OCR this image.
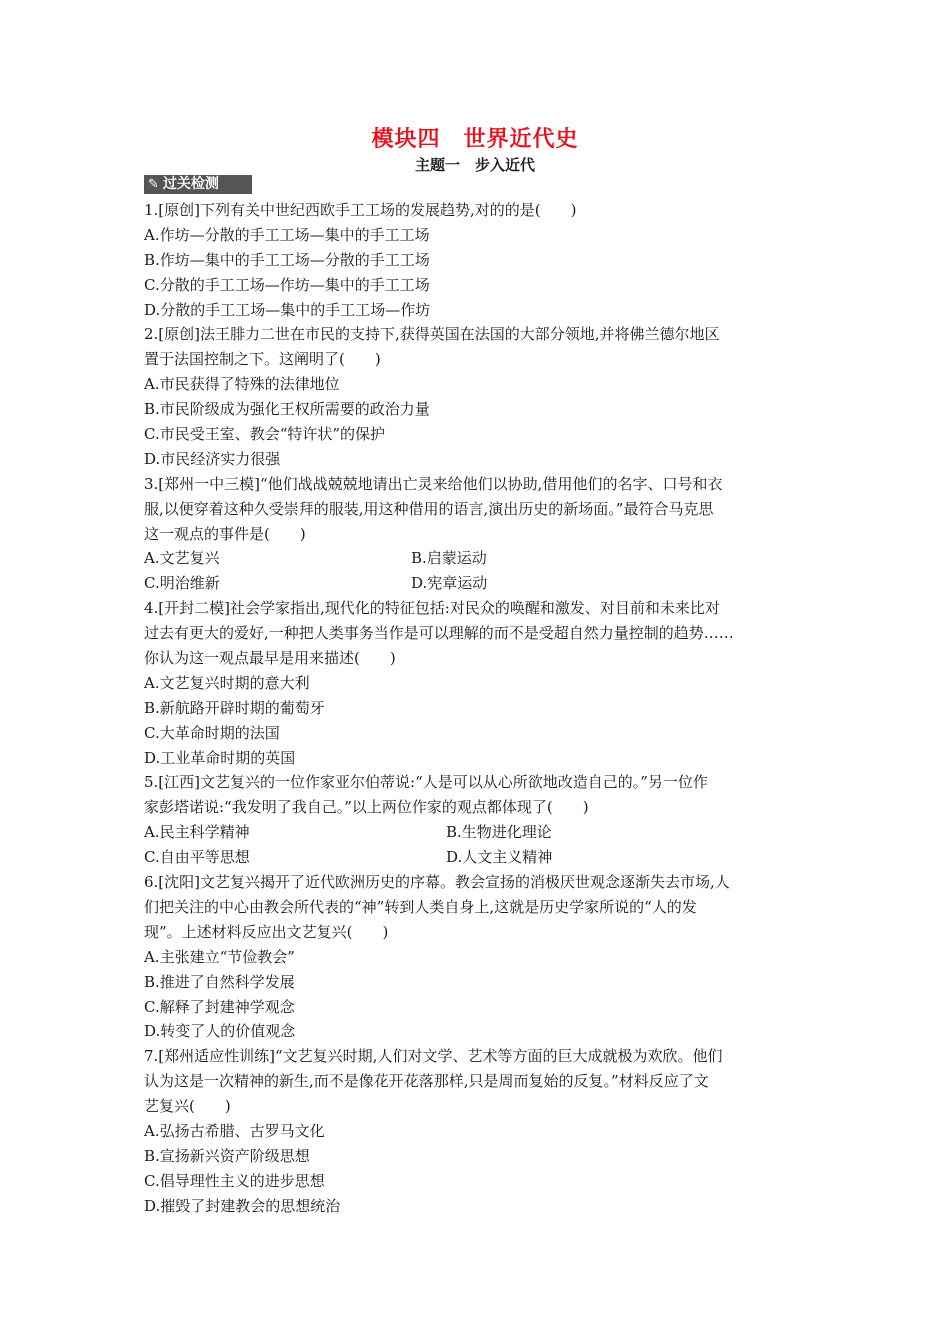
模块四　世界近代史
主题一　步入近代
✎ 过关检测
1.[原创]下列有关中世纪西欧手工工场的发展趋势,对的的是(　　)
A.作坊—分散的手工工场—集中的手工工场
B.作坊—集中的手工工场—分散的手工工场
C.分散的手工工场—作坊—集中的手工工场
D.分散的手工工场—集中的手工工场—作坊
2.[原创]法王腓力二世在市民的支持下,获得英国在法国的大部分领地,并将佛兰德尔地区
置于法国控制之下。这阐明了(　　)
A.市民获得了特殊的法律地位
B.市民阶级成为强化王权所需要的政治力量
C.市民受王室、教会“特许状”的保护
D.市民经济实力很强
3.[郑州一中三模]“他们战战兢兢地请出亡灵来给他们以协助,借用他们的名字、口号和衣
服,以便穿着这种久受崇拜的服装,用这种借用的语言,演出历史的新场面。”最符合马克思
这一观点的事件是(　　)
A.文艺复兴	B.启蒙运动
C.明治维新	D.宪章运动
4.[开封二模]社会学家指出,现代化的特征包括:对民众的唤醒和激发、对目前和未来比对
过去有更大的爱好,一种把人类事务当作是可以理解的而不是受超自然力量控制的趋势……
你认为这一观点最早是用来描述(　　)
A.文艺复兴时期的意大利
B.新航路开辟时期的葡萄牙
C.大革命时期的法国
D.工业革命时期的英国
5.[江西]文艺复兴的一位作家亚尔伯蒂说:“人是可以从心所欲地改造自己的。”另一位作
家彭塔诺说:“我发明了我自己。”以上两位作家的观点都体现了(　　)
A.民主科学精神	B.生物进化理论
C.自由平等思想	D.人文主义精神
6.[沈阳]文艺复兴揭开了近代欧洲历史的序幕。教会宣扬的消极厌世观念逐渐失去市场,人
们把关注的中心由教会所代表的“神”转到人类自身上,这就是历史学家所说的“人的发
现”。上述材料反应出文艺复兴(　　)
A.主张建立“节俭教会”
B.推进了自然科学发展
C.解释了封建神学观念
D.转变了人的价值观念
7.[郑州适应性训练]“文艺复兴时期,人们对文学、艺术等方面的巨大成就极为欢欣。他们
认为这是一次精神的新生,而不是像花开花落那样,只是周而复始的反复。”材料反应了文
艺复兴(　　)
A.弘扬古希腊、古罗马文化
B.宣扬新兴资产阶级思想
C.倡导理性主义的进步思想
D.摧毁了封建教会的思想统治
